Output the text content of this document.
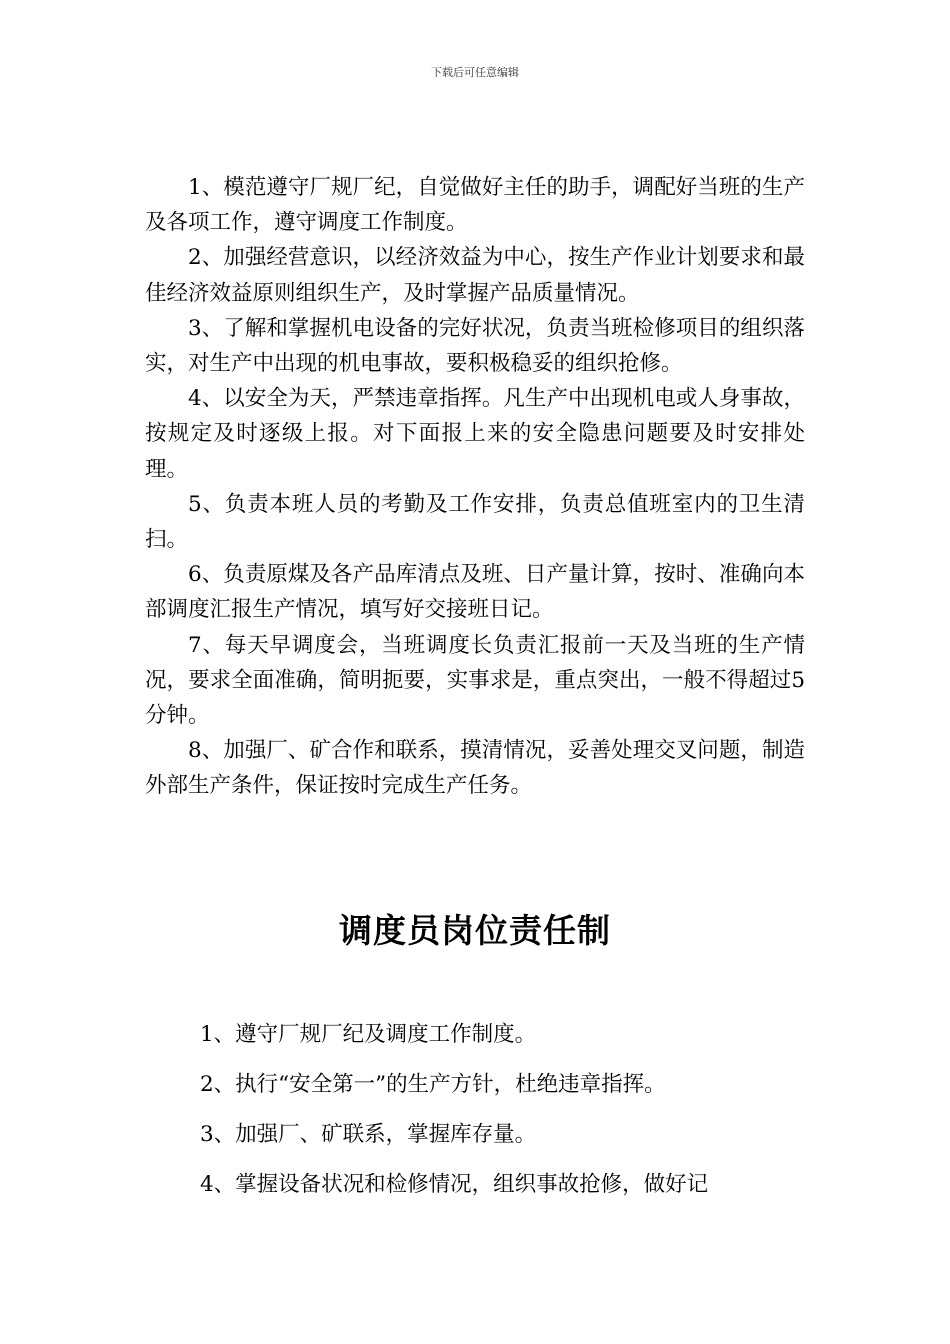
下载后可任意编辑

1、模范遵守厂规厂纪，自觉做好主任的助手，调配好当班的生产及各项工作，遵守调度工作制度。

2、加强经营意识，以经济效益为中心，按生产作业计划要求和最佳经济效益原则组织生产，及时掌握产品质量情况。

3、了解和掌握机电设备的完好状况，负责当班检修项目的组织落实，对生产中出现的机电事故，要积极稳妥的组织抢修。

4、以安全为天，严禁违章指挥。凡生产中出现机电或人身事故，按规定及时逐级上报。对下面报上来的安全隐患问题要及时安排处理。

5、负责本班人员的考勤及工作安排，负责总值班室内的卫生清扫。

6、负责原煤及各产品库清点及班、日产量计算，按时、准确向本部调度汇报生产情况，填写好交接班日记。

7、每天早调度会，当班调度长负责汇报前一天及当班的生产情况，要求全面准确，简明扼要，实事求是，重点突出，一般不得超过5分钟。

8、加强厂、矿合作和联系，摸清情况，妥善处理交叉问题，制造外部生产条件，保证按时完成生产任务。

调度员岗位责任制

1、遵守厂规厂纪及调度工作制度。

2、执行“安全第一”的生产方针，杜绝违章指挥。

3、加强厂、矿联系，掌握库存量。

4、掌握设备状况和检修情况，组织事故抢修，做好记
